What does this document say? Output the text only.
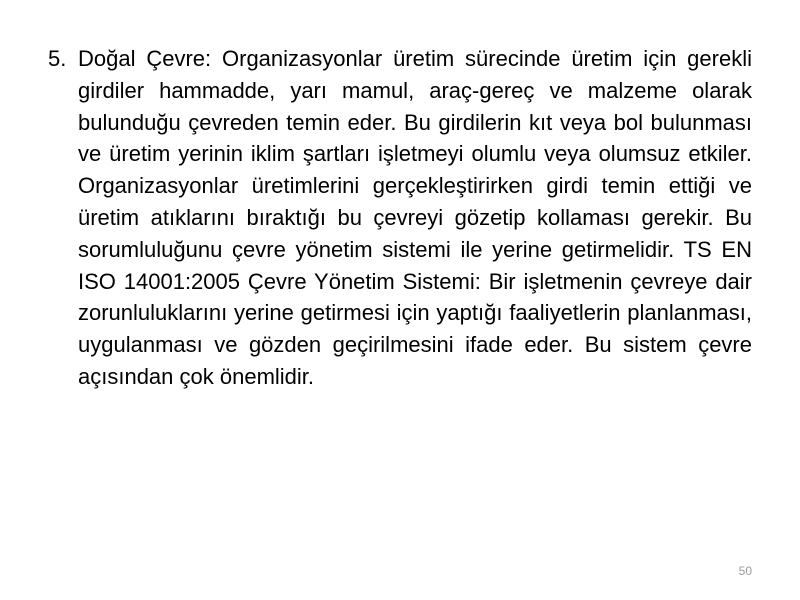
5. Doğal Çevre: Organizasyonlar üretim sürecinde üretim için gerekli girdiler hammadde, yarı mamul, araç-gereç ve malzeme olarak bulunduğu çevreden temin eder. Bu girdilerin kıt veya bol bulunması ve üretim yerinin iklim şartları işletmeyi olumlu veya olumsuz etkiler. Organizasyonlar üretimlerini gerçekleştirirken girdi temin ettiği ve üretim atıklarını bıraktığı bu çevreyi gözetip kollaması gerekir. Bu sorumluluğunu çevre yönetim sistemi ile yerine getirmelidir. TS EN ISO 14001:2005 Çevre Yönetim Sistemi: Bir işletmenin çevreye dair zorunluluklarını yerine getirmesi için yaptığı faaliyetlerin planlanması, uygulanması ve gözden geçirilmesini ifade eder. Bu sistem çevre açısından çok önemlidir.

50
